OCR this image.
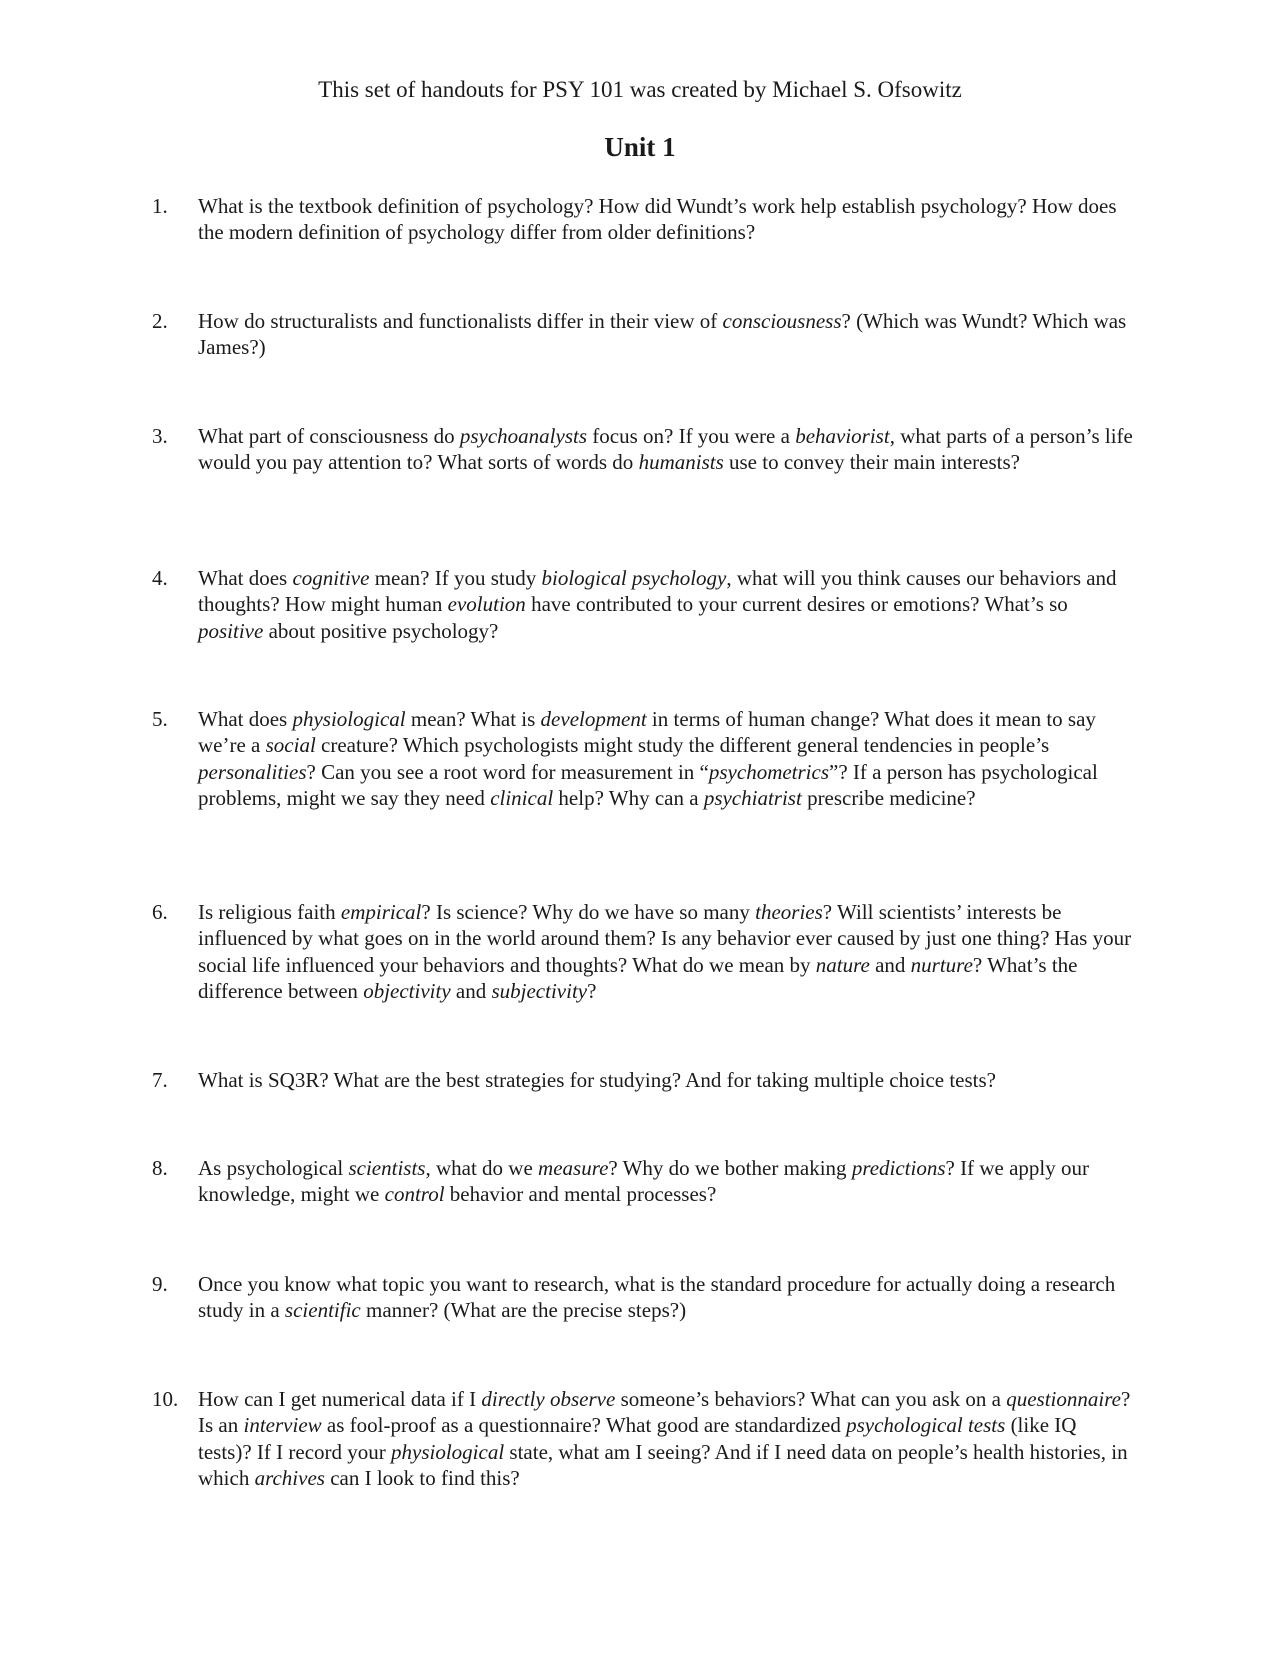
This set of handouts for PSY 101 was created by Michael S. Ofsowitz
Unit 1
1.	What is the textbook definition of psychology? How did Wundt’s work help establish psychology? How does the modern definition of psychology differ from older definitions?
2.	How do structuralists and functionalists differ in their view of consciousness? (Which was Wundt? Which was James?)
3.	What part of consciousness do psychoanalysts focus on? If you were a behaviorist, what parts of a person’s life would you pay attention to? What sorts of words do humanists use to convey their main interests?
4.	What does cognitive mean? If you study biological psychology, what will you think causes our behaviors and thoughts? How might human evolution have contributed to your current desires or emotions? What’s so positive about positive psychology?
5.	What does physiological mean? What is development in terms of human change? What does it mean to say we’re a social creature? Which psychologists might study the different general tendencies in people’s personalities? Can you see a root word for measurement in “psychometrics”? If a person has psychological problems, might we say they need clinical help? Why can a psychiatrist prescribe medicine?
6.	Is religious faith empirical? Is science? Why do we have so many theories? Will scientists’ interests be influenced by what goes on in the world around them? Is any behavior ever caused by just one thing? Has your social life influenced your behaviors and thoughts? What do we mean by nature and nurture? What’s the difference between objectivity and subjectivity?
7.	What is SQ3R? What are the best strategies for studying? And for taking multiple choice tests?
8.	As psychological scientists, what do we measure? Why do we bother making predictions? If we apply our knowledge, might we control behavior and mental processes?
9.	Once you know what topic you want to research, what is the standard procedure for actually doing a research study in a scientific manner? (What are the precise steps?)
10. How can I get numerical data if I directly observe someone’s behaviors? What can you ask on a questionnaire? Is an interview as fool-proof as a questionnaire? What good are standardized psychological tests (like IQ tests)? If I record your physiological state, what am I seeing? And if I need data on people’s health histories, in which archives can I look to find this?
